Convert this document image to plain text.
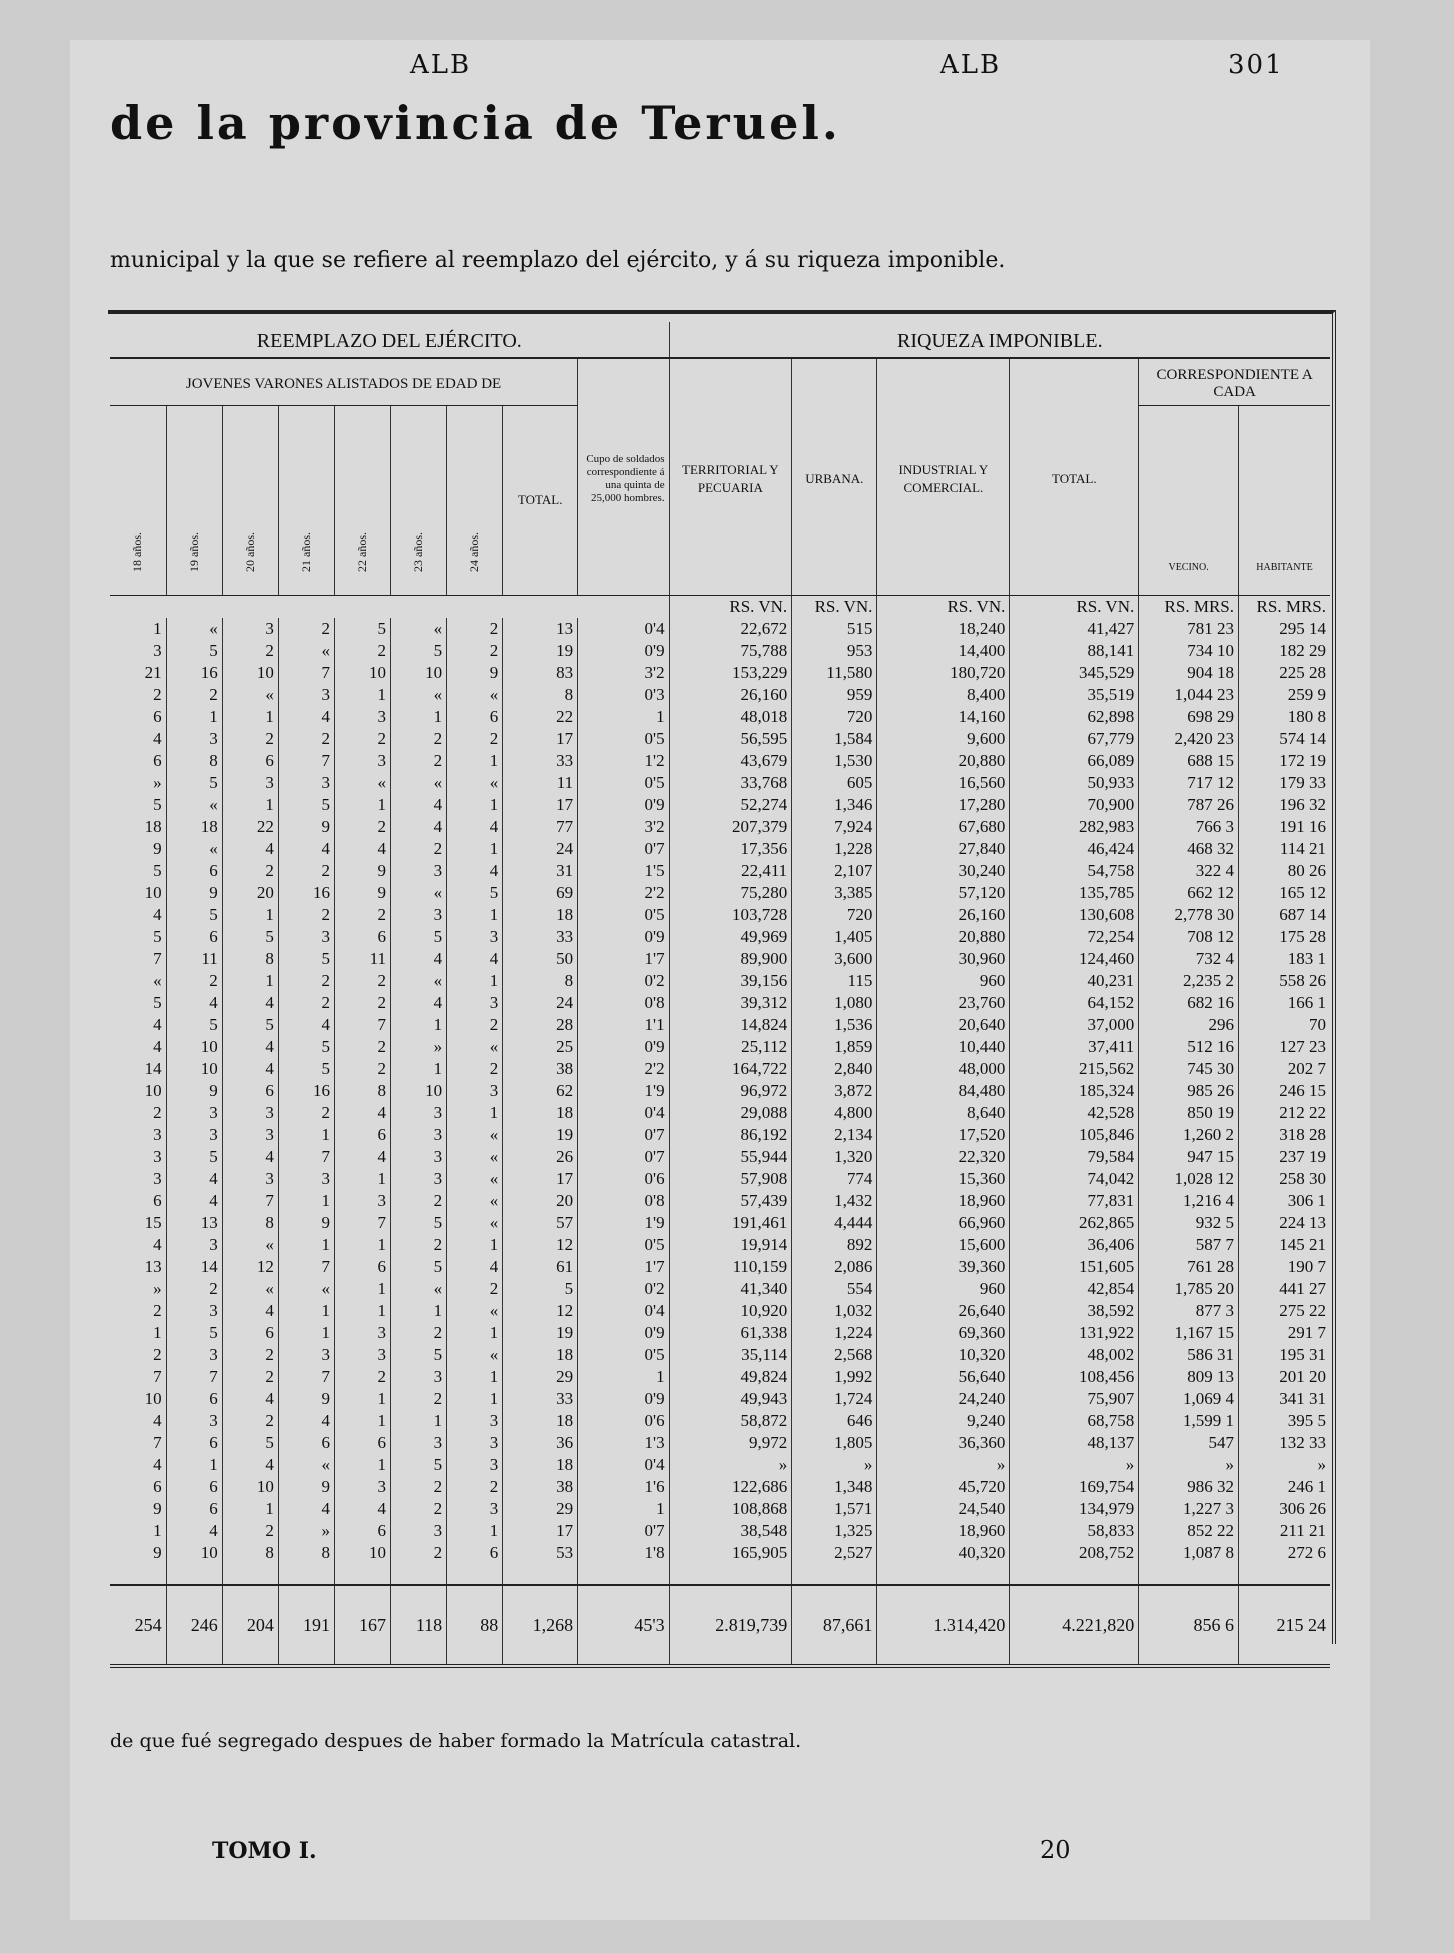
ALB	ALB	301
de la provincia de Teruel.
municipal y la que se refiere al reemplazo del ejército, y á su riqueza imponible.
REEMPLAZO DEL EJÉRCITO.									RIQUEZA IMPONIBLE.					
JOVENES VARONES ALISTADOS DE EDAD DE								Cupo de soldados correspondiente á una quinta de 25,000 hombres.	TERRITORIAL Y PECUARIA	URBANA.	INDUSTRIAL Y COMERCIAL.	TOTAL.	CORRESPONDIENTE A CADA	
18 años.	19 años.	20 años.	21 años.	22 años.	23 años.	24 años.	TOTAL.						VECINO.	HABITANTE
									RS. VN.	RS. VN.	RS. VN.	RS. VN.	RS. MRS.	RS. MRS.
1	«	3	2	5	«	2	13	0'4	22,672	515	18,240	41,427	781 23	295 14
3	5	2	«	2	5	2	19	0'9	75,788	953	14,400	88,141	734 10	182 29
21	16	10	7	10	10	9	83	3'2	153,229	11,580	180,720	345,529	904 18	225 28
2	2	«	3	1	«	«	8	0'3	26,160	959	8,400	35,519	1,044 23	259 9
6	1	1	4	3	1	6	22	1	48,018	720	14,160	62,898	698 29	180 8
4	3	2	2	2	2	2	17	0'5	56,595	1,584	9,600	67,779	2,420 23	574 14
6	8	6	7	3	2	1	33	1'2	43,679	1,530	20,880	66,089	688 15	172 19
»	5	3	3	«	«	«	11	0'5	33,768	605	16,560	50,933	717 12	179 33
5	«	1	5	1	4	1	17	0'9	52,274	1,346	17,280	70,900	787 26	196 32
18	18	22	9	2	4	4	77	3'2	207,379	7,924	67,680	282,983	766 3	191 16
9	«	4	4	4	2	1	24	0'7	17,356	1,228	27,840	46,424	468 32	114 21
5	6	2	2	9	3	4	31	1'5	22,411	2,107	30,240	54,758	322 4	80 26
10	9	20	16	9	«	5	69	2'2	75,280	3,385	57,120	135,785	662 12	165 12
4	5	1	2	2	3	1	18	0'5	103,728	720	26,160	130,608	2,778 30	687 14
5	6	5	3	6	5	3	33	0'9	49,969	1,405	20,880	72,254	708 12	175 28
7	11	8	5	11	4	4	50	1'7	89,900	3,600	30,960	124,460	732 4	183 1
«	2	1	2	2	«	1	8	0'2	39,156	115	960	40,231	2,235 2	558 26
5	4	4	2	2	4	3	24	0'8	39,312	1,080	23,760	64,152	682 16	166 1
4	5	5	4	7	1	2	28	1'1	14,824	1,536	20,640	37,000	296	70
4	10	4	5	2	»	«	25	0'9	25,112	1,859	10,440	37,411	512 16	127 23
14	10	4	5	2	1	2	38	2'2	164,722	2,840	48,000	215,562	745 30	202 7
10	9	6	16	8	10	3	62	1'9	96,972	3,872	84,480	185,324	985 26	246 15
2	3	3	2	4	3	1	18	0'4	29,088	4,800	8,640	42,528	850 19	212 22
3	3	3	1	6	3	«	19	0'7	86,192	2,134	17,520	105,846	1,260 2	318 28
3	5	4	7	4	3	«	26	0'7	55,944	1,320	22,320	79,584	947 15	237 19
3	4	3	3	1	3	«	17	0'6	57,908	774	15,360	74,042	1,028 12	258 30
6	4	7	1	3	2	«	20	0'8	57,439	1,432	18,960	77,831	1,216 4	306 1
15	13	8	9	7	5	«	57	1'9	191,461	4,444	66,960	262,865	932 5	224 13
4	3	«	1	1	2	1	12	0'5	19,914	892	15,600	36,406	587 7	145 21
13	14	12	7	6	5	4	61	1'7	110,159	2,086	39,360	151,605	761 28	190 7
»	2	«	«	1	«	2	5	0'2	41,340	554	960	42,854	1,785 20	441 27
2	3	4	1	1	1	«	12	0'4	10,920	1,032	26,640	38,592	877 3	275 22
1	5	6	1	3	2	1	19	0'9	61,338	1,224	69,360	131,922	1,167 15	291 7
2	3	2	3	3	5	«	18	0'5	35,114	2,568	10,320	48,002	586 31	195 31
7	7	2	7	2	3	1	29	1	49,824	1,992	56,640	108,456	809 13	201 20
10	6	4	9	1	2	1	33	0'9	49,943	1,724	24,240	75,907	1,069 4	341 31
4	3	2	4	1	1	3	18	0'6	58,872	646	9,240	68,758	1,599 1	395 5
7	6	5	6	6	3	3	36	1'3	9,972	1,805	36,360	48,137	547	132 33
4	1	4	«	1	5	3	18	0'4	»	»	»	»	»	»
6	6	10	9	3	2	2	38	1'6	122,686	1,348	45,720	169,754	986 32	246 1
9	6	1	4	4	2	3	29	1	108,868	1,571	24,540	134,979	1,227 3	306 26
1	4	2	»	6	3	1	17	0'7	38,548	1,325	18,960	58,833	852 22	211 21
9	10	8	8	10	2	6	53	1'8	165,905	2,527	40,320	208,752	1,087 8	272 6
254	246	204	191	167	118	88	1,268	45'3	2.819,739	87,661	1.314,420	4.221,820	856 6	215 24
de que fué segregado despues de haber formado la Matrícula catastral.
TOMO I.	20
